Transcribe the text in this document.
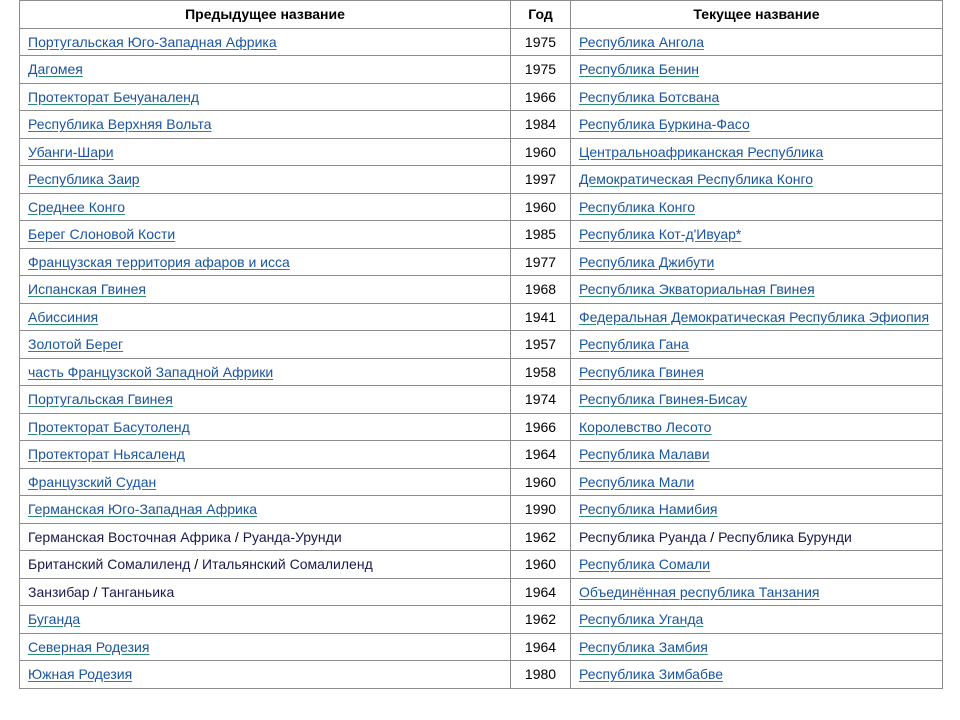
Предыдущее название	Год	Текущее название
Португальская Юго-Западная Африка	1975	Республика Ангола
Дагомея	1975	Республика Бенин
Протекторат Бечуаналенд	1966	Республика Ботсвана
Республика Верхняя Вольта	1984	Республика Буркина-Фасо
Убанги-Шари	1960	Центральноафриканская Республика
Республика Заир	1997	Демократическая Республика Конго
Среднее Конго	1960	Республика Конго
Берег Слоновой Кости	1985	Республика Кот-д'Ивуар*
Французская территория афаров и исса	1977	Республика Джибути
Испанская Гвинея	1968	Республика Экваториальная Гвинея
Абиссиния	1941	Федеральная Демократическая Республика Эфиопия
Золотой Берег	1957	Республика Гана
часть Французской Западной Африки	1958	Республика Гвинея
Португальская Гвинея	1974	Республика Гвинея-Бисау
Протекторат Басутоленд	1966	Королевство Лесото
Протекторат Ньясаленд	1964	Республика Малави
Французский Судан	1960	Республика Мали
Германская Юго-Западная Африка	1990	Республика Намибия
Германская Восточная Африка / Руанда-Урунди	1962	Республика Руанда / Республика Бурунди
Британский Сомалиленд / Итальянский Сомалиленд	1960	Республика Сомали
Занзибар / Танганьика	1964	Объединённая республика Танзания
Буганда	1962	Республика Уганда
Северная Родезия	1964	Республика Замбия
Южная Родезия	1980	Республика Зимбабве
